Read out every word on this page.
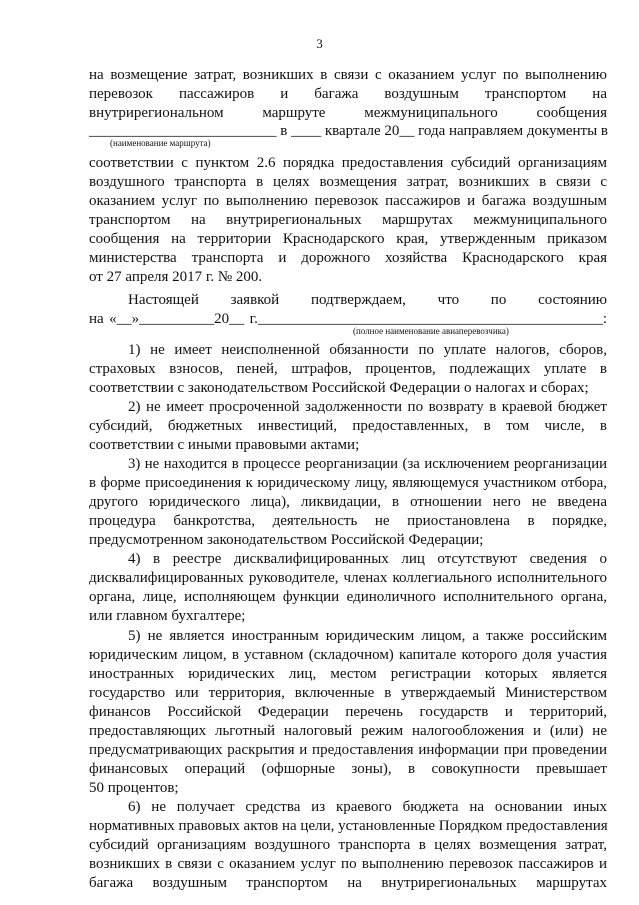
3
на возмещение затрат, возникших в связи с оказанием услуг по выполнению
перевозок пассажиров и багажа воздушным транспортом на
внутрирегиональном маршруте межмуниципального сообщения
_________________________ в ____ квартале 20__ года направляем документы в
(наименование маршрута)
соответствии с пунктом 2.6 порядка предоставления субсидий организациям
воздушного транспорта в целях возмещения затрат, возникших в связи с
оказанием услуг по выполнению перевозок пассажиров и багажа воздушным
транспортом на внутрирегиональных маршрутах межмуниципального
сообщения на территории Краснодарского края, утвержденным приказом
министерства транспорта и дорожного хозяйства Краснодарского края
от 27 апреля 2017 г. № 200.
Настоящей заявкой подтверждаем, что по состоянию
на «__»__________20__ г.______________________________________________:
(полное наименование авиаперевозчика)
1) не имеет неисполненной обязанности по уплате налогов, сборов,
страховых взносов, пеней, штрафов, процентов, подлежащих уплате в
соответствии с законодательством Российской Федерации о налогах и сборах;
2) не имеет просроченной задолженности по возврату в краевой бюджет
субсидий, бюджетных инвестиций, предоставленных, в том числе, в
соответствии с иными правовыми актами;
3) не находится в процессе реорганизации (за исключением реорганизации
в форме присоединения к юридическому лицу, являющемуся участником отбора,
другого юридического лица), ликвидации, в отношении него не введена
процедура банкротства, деятельность не приостановлена в порядке,
предусмотренном законодательством Российской Федерации;
4) в реестре дисквалифицированных лиц отсутствуют сведения о
дисквалифицированных руководителе, членах коллегиального исполнительного
органа, лице, исполняющем функции единоличного исполнительного органа,
или главном бухгалтере;
5) не является иностранным юридическим лицом, а также российским
юридическим лицом, в уставном (складочном) капитале которого доля участия
иностранных юридических лиц, местом регистрации которых является
государство или территория, включенные в утверждаемый Министерством
финансов Российской Федерации перечень государств и территорий,
предоставляющих льготный налоговый режим налогообложения и (или) не
предусматривающих раскрытия и предоставления информации при проведении
финансовых операций (офшорные зоны), в совокупности превышает
50 процентов;
6) не получает средства из краевого бюджета на основании иных
нормативных правовых актов на цели, установленные Порядком предоставления
субсидий организациям воздушного транспорта в целях возмещения затрат,
возникших в связи с оказанием услуг по выполнению перевозок пассажиров и
багажа воздушным транспортом на внутрирегиональных маршрутах
